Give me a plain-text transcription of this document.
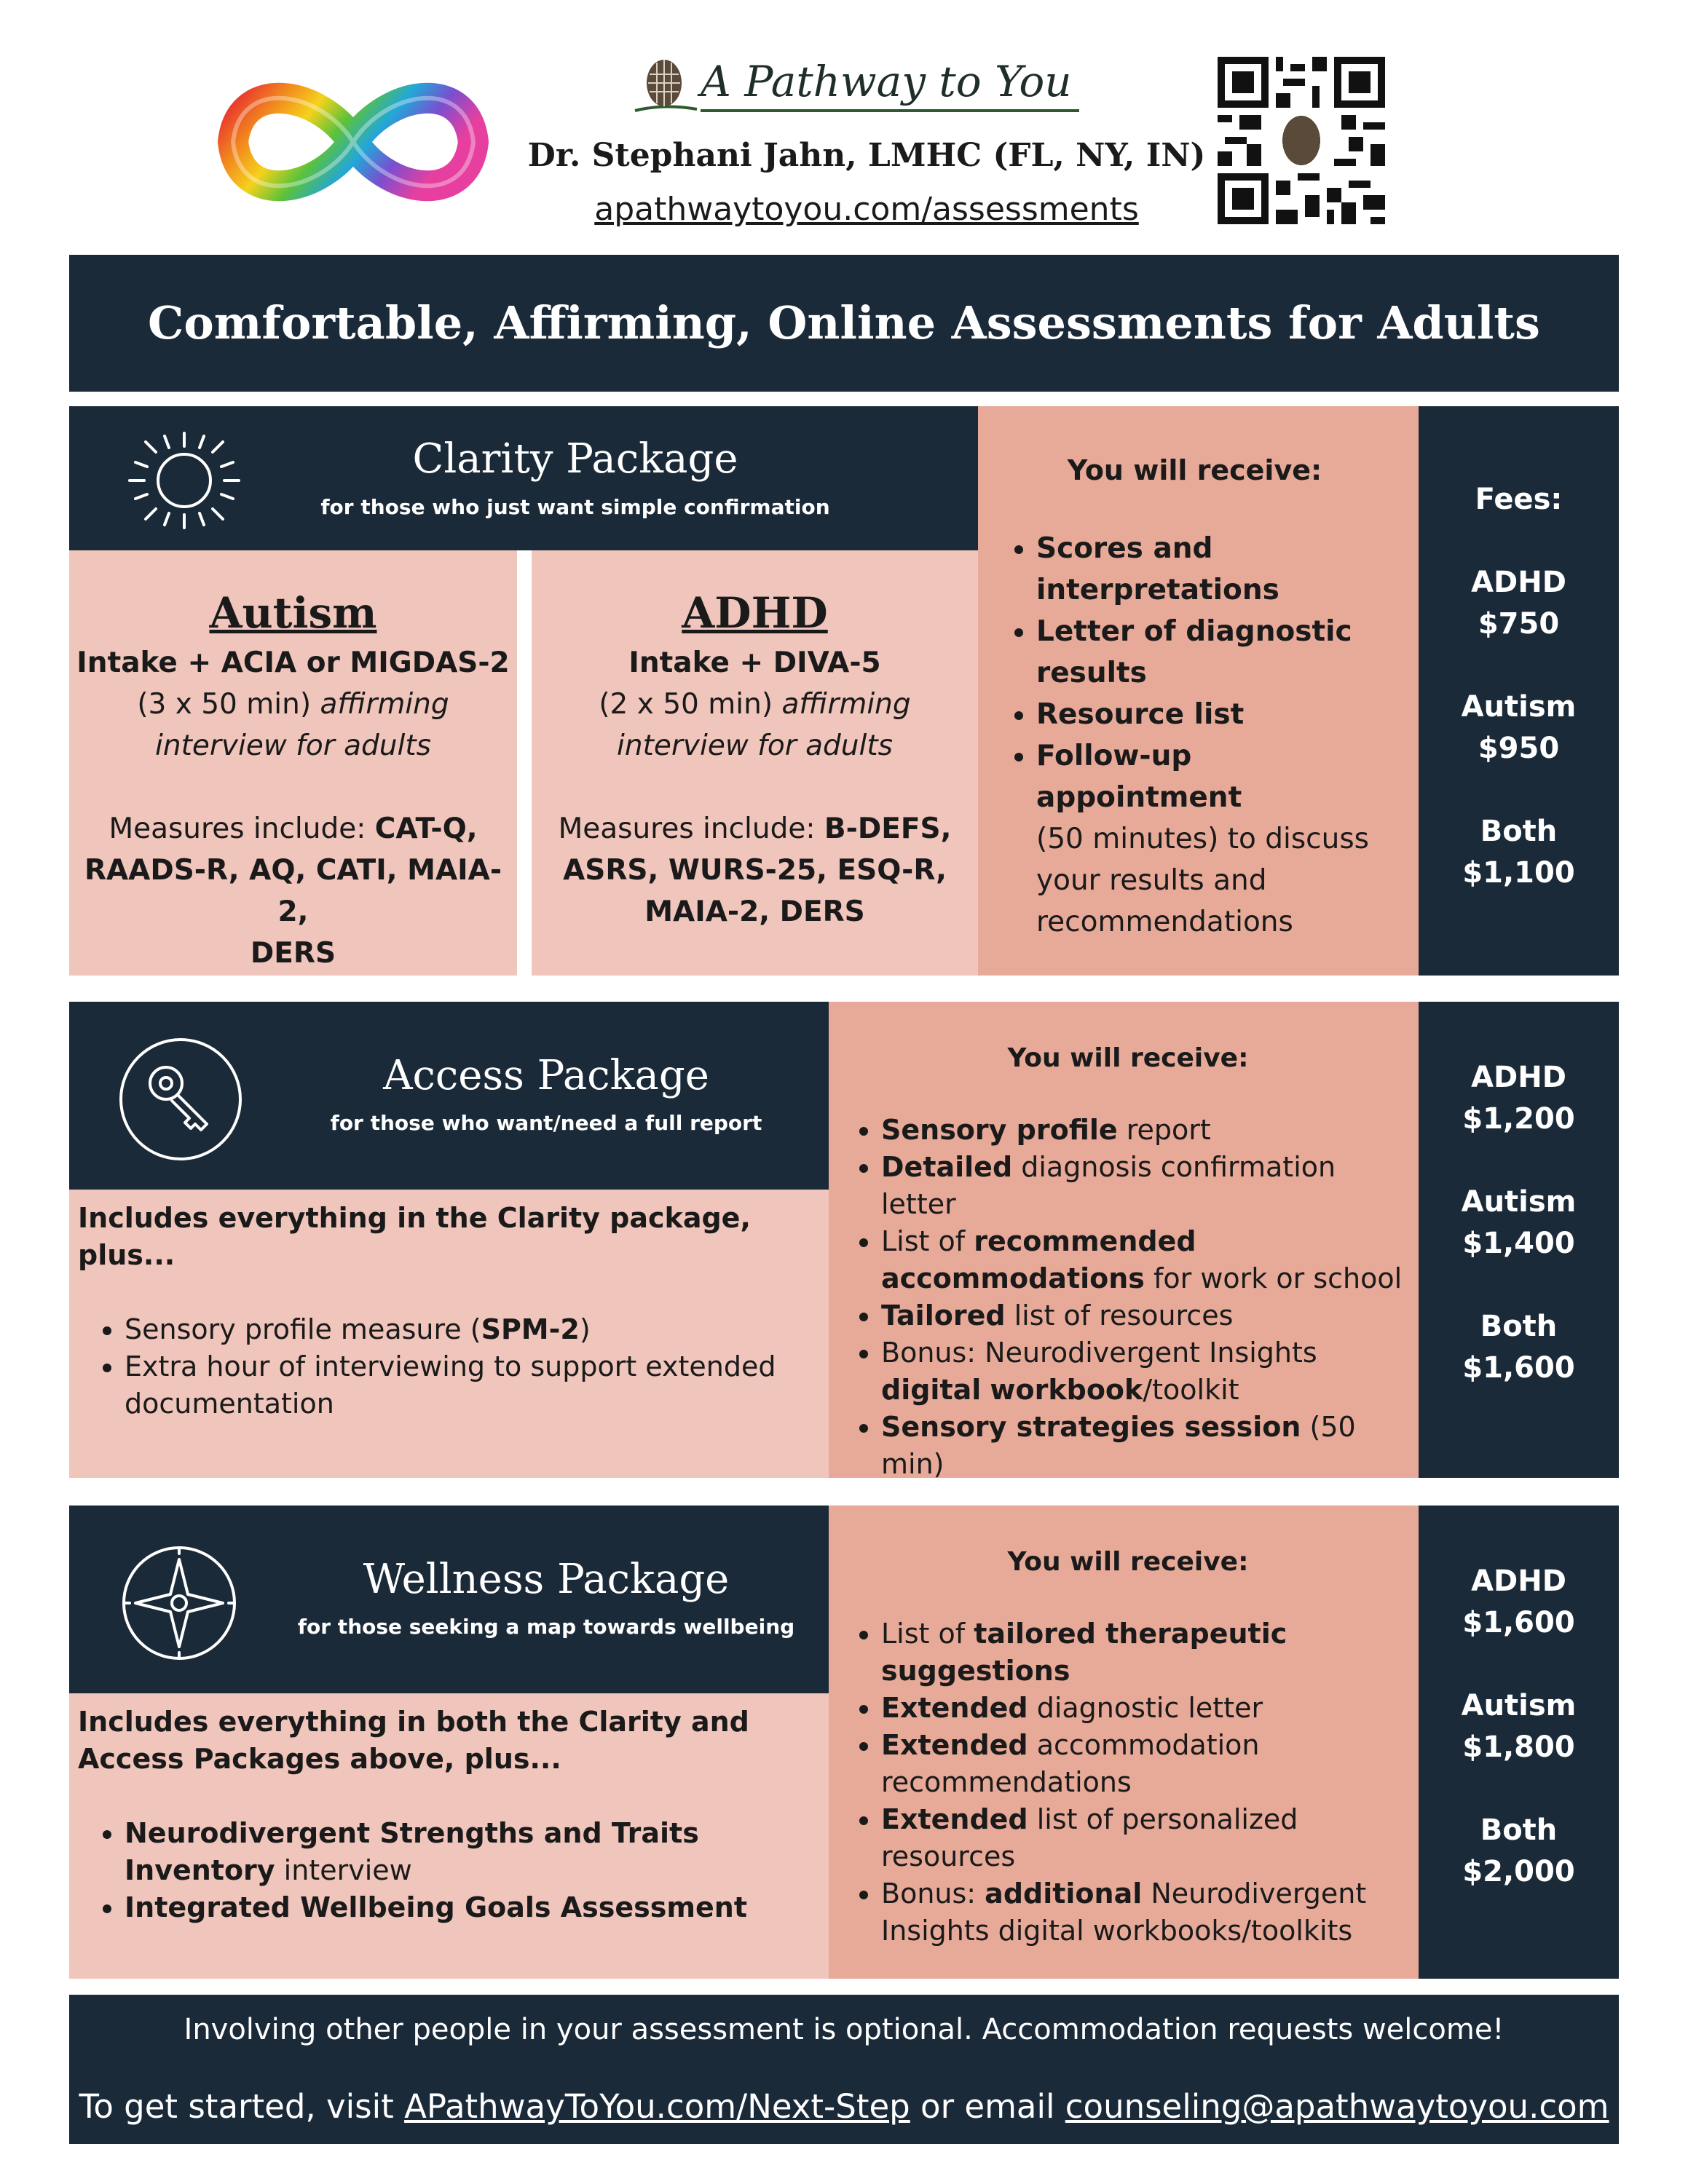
A Pathway to You
Dr. Stephani Jahn, LMHC (FL, NY, IN)
apathwaytoyou.com/assessments
Comfortable, Affirming, Online Assessments for Adults
Clarity Package
for those who just want simple confirmation
Autism
Intake + ACIA or MIGDAS-2
(3 x 50 min) affirming
interview for adults
Measures include: CAT-Q,
RAADS-R, AQ, CATI, MAIA-2,
DERS
ADHD
Intake + DIVA-5
(2 x 50 min) affirming
interview for adults
Measures include: B-DEFS,
ASRS, WURS-25, ESQ-R,
MAIA-2, DERS
You will receive:
• Scores and interpretations
• Letter of diagnostic results
• Resource list
• Follow-up appointment
(50 minutes) to discuss your results and recommendations
Fees:
ADHD
$750
Autism
$950
Both
$1,100
Access Package
for those who want/need a full report
Includes everything in the Clarity package, plus...
• Sensory profile measure (SPM-2)
• Extra hour of interviewing to support extended documentation
You will receive:
• Sensory profile report
• Detailed diagnosis confirmation letter
• List of recommended accommodations for work or school
• Tailored list of resources
• Bonus: Neurodivergent Insights digital workbook/toolkit
• Sensory strategies session (50 min)
ADHD
$1,200
Autism
$1,400
Both
$1,600
Wellness Package
for those seeking a map towards wellbeing
Includes everything in both the Clarity and Access Packages above, plus...
• Neurodivergent Strengths and Traits Inventory interview
• Integrated Wellbeing Goals Assessment
You will receive:
• List of tailored therapeutic suggestions
• Extended diagnostic letter
• Extended accommodation recommendations
• Extended list of personalized resources
• Bonus: additional Neurodivergent Insights digital workbooks/toolkits
ADHD
$1,600
Autism
$1,800
Both
$2,000
Involving other people in your assessment is optional. Accommodation requests welcome!
To get started, visit APathwayToYou.com/Next-Step or email counseling@apathwaytoyou.com
